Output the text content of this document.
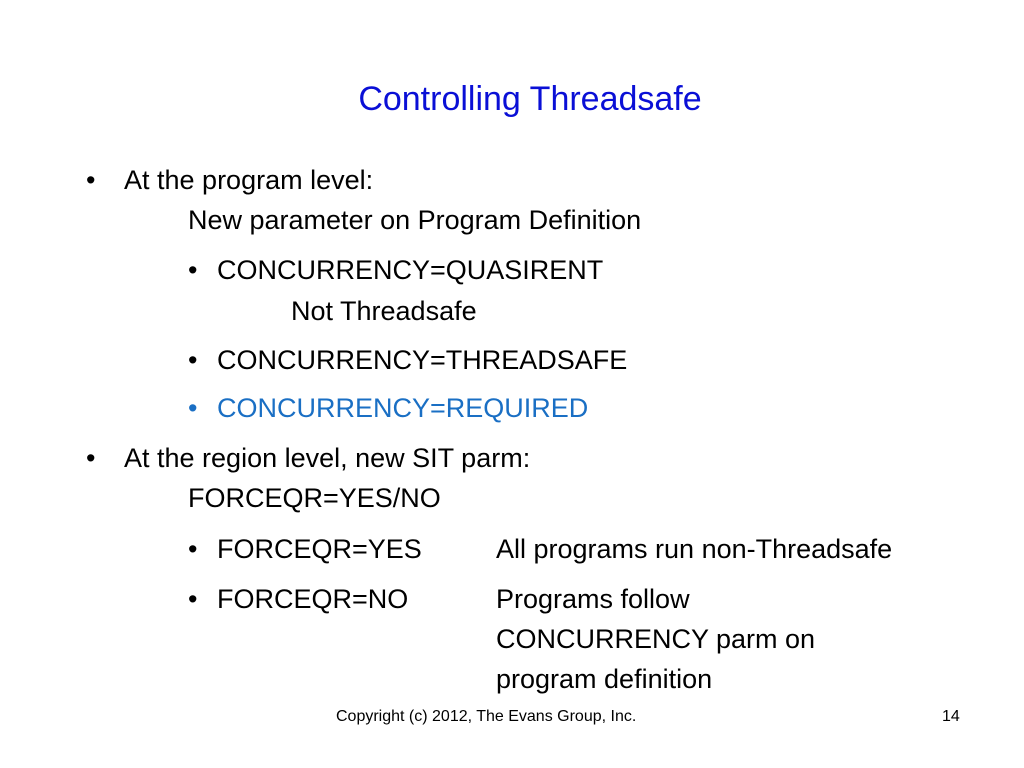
Controlling Threadsafe
• At the program level:
New parameter on Program Definition
• CONCURRENCY=QUASIRENT
Not Threadsafe
• CONCURRENCY=THREADSAFE
• CONCURRENCY=REQUIRED
• At the region level, new SIT parm:
FORCEQR=YES/NO
• FORCEQR=YES	All programs run non-Threadsafe
• FORCEQR=NO	Programs follow
CONCURRENCY parm on
program definition
Copyright (c) 2012, The Evans Group, Inc.	14
